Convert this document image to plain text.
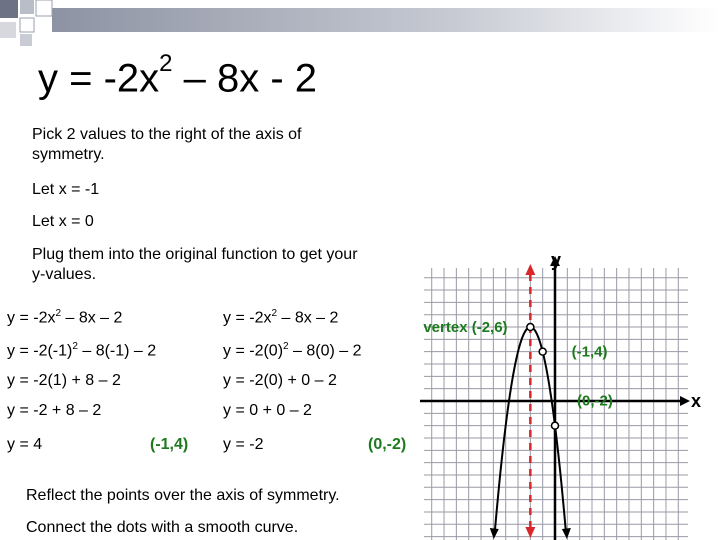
$y = -2x^2 - 8x - 2$
Pick 2 values to the right of the axis of symmetry.
Let x = -1
Let x = 0
Plug them into the original function to get your y-values.
$y = -2x^2 - 8x - 2$
$y = -2(-1)^2 - 8(-1) - 2$
y = -2(1) + 8 – 2
y = -2 + 8 – 2
y = 4	(-1,4)
$y = -2x^2 - 8x - 2$
$y = -2(0)^2 - 8(0) - 2$
y = -2(0) + 0 – 2
y = 0 + 0 – 2
y = -2	(0,-2)
Reflect the points over the axis of symmetry.
Connect the dots with a smooth curve.
y
x
vertex (-2,6)
(-1,4)
(0,-2)
